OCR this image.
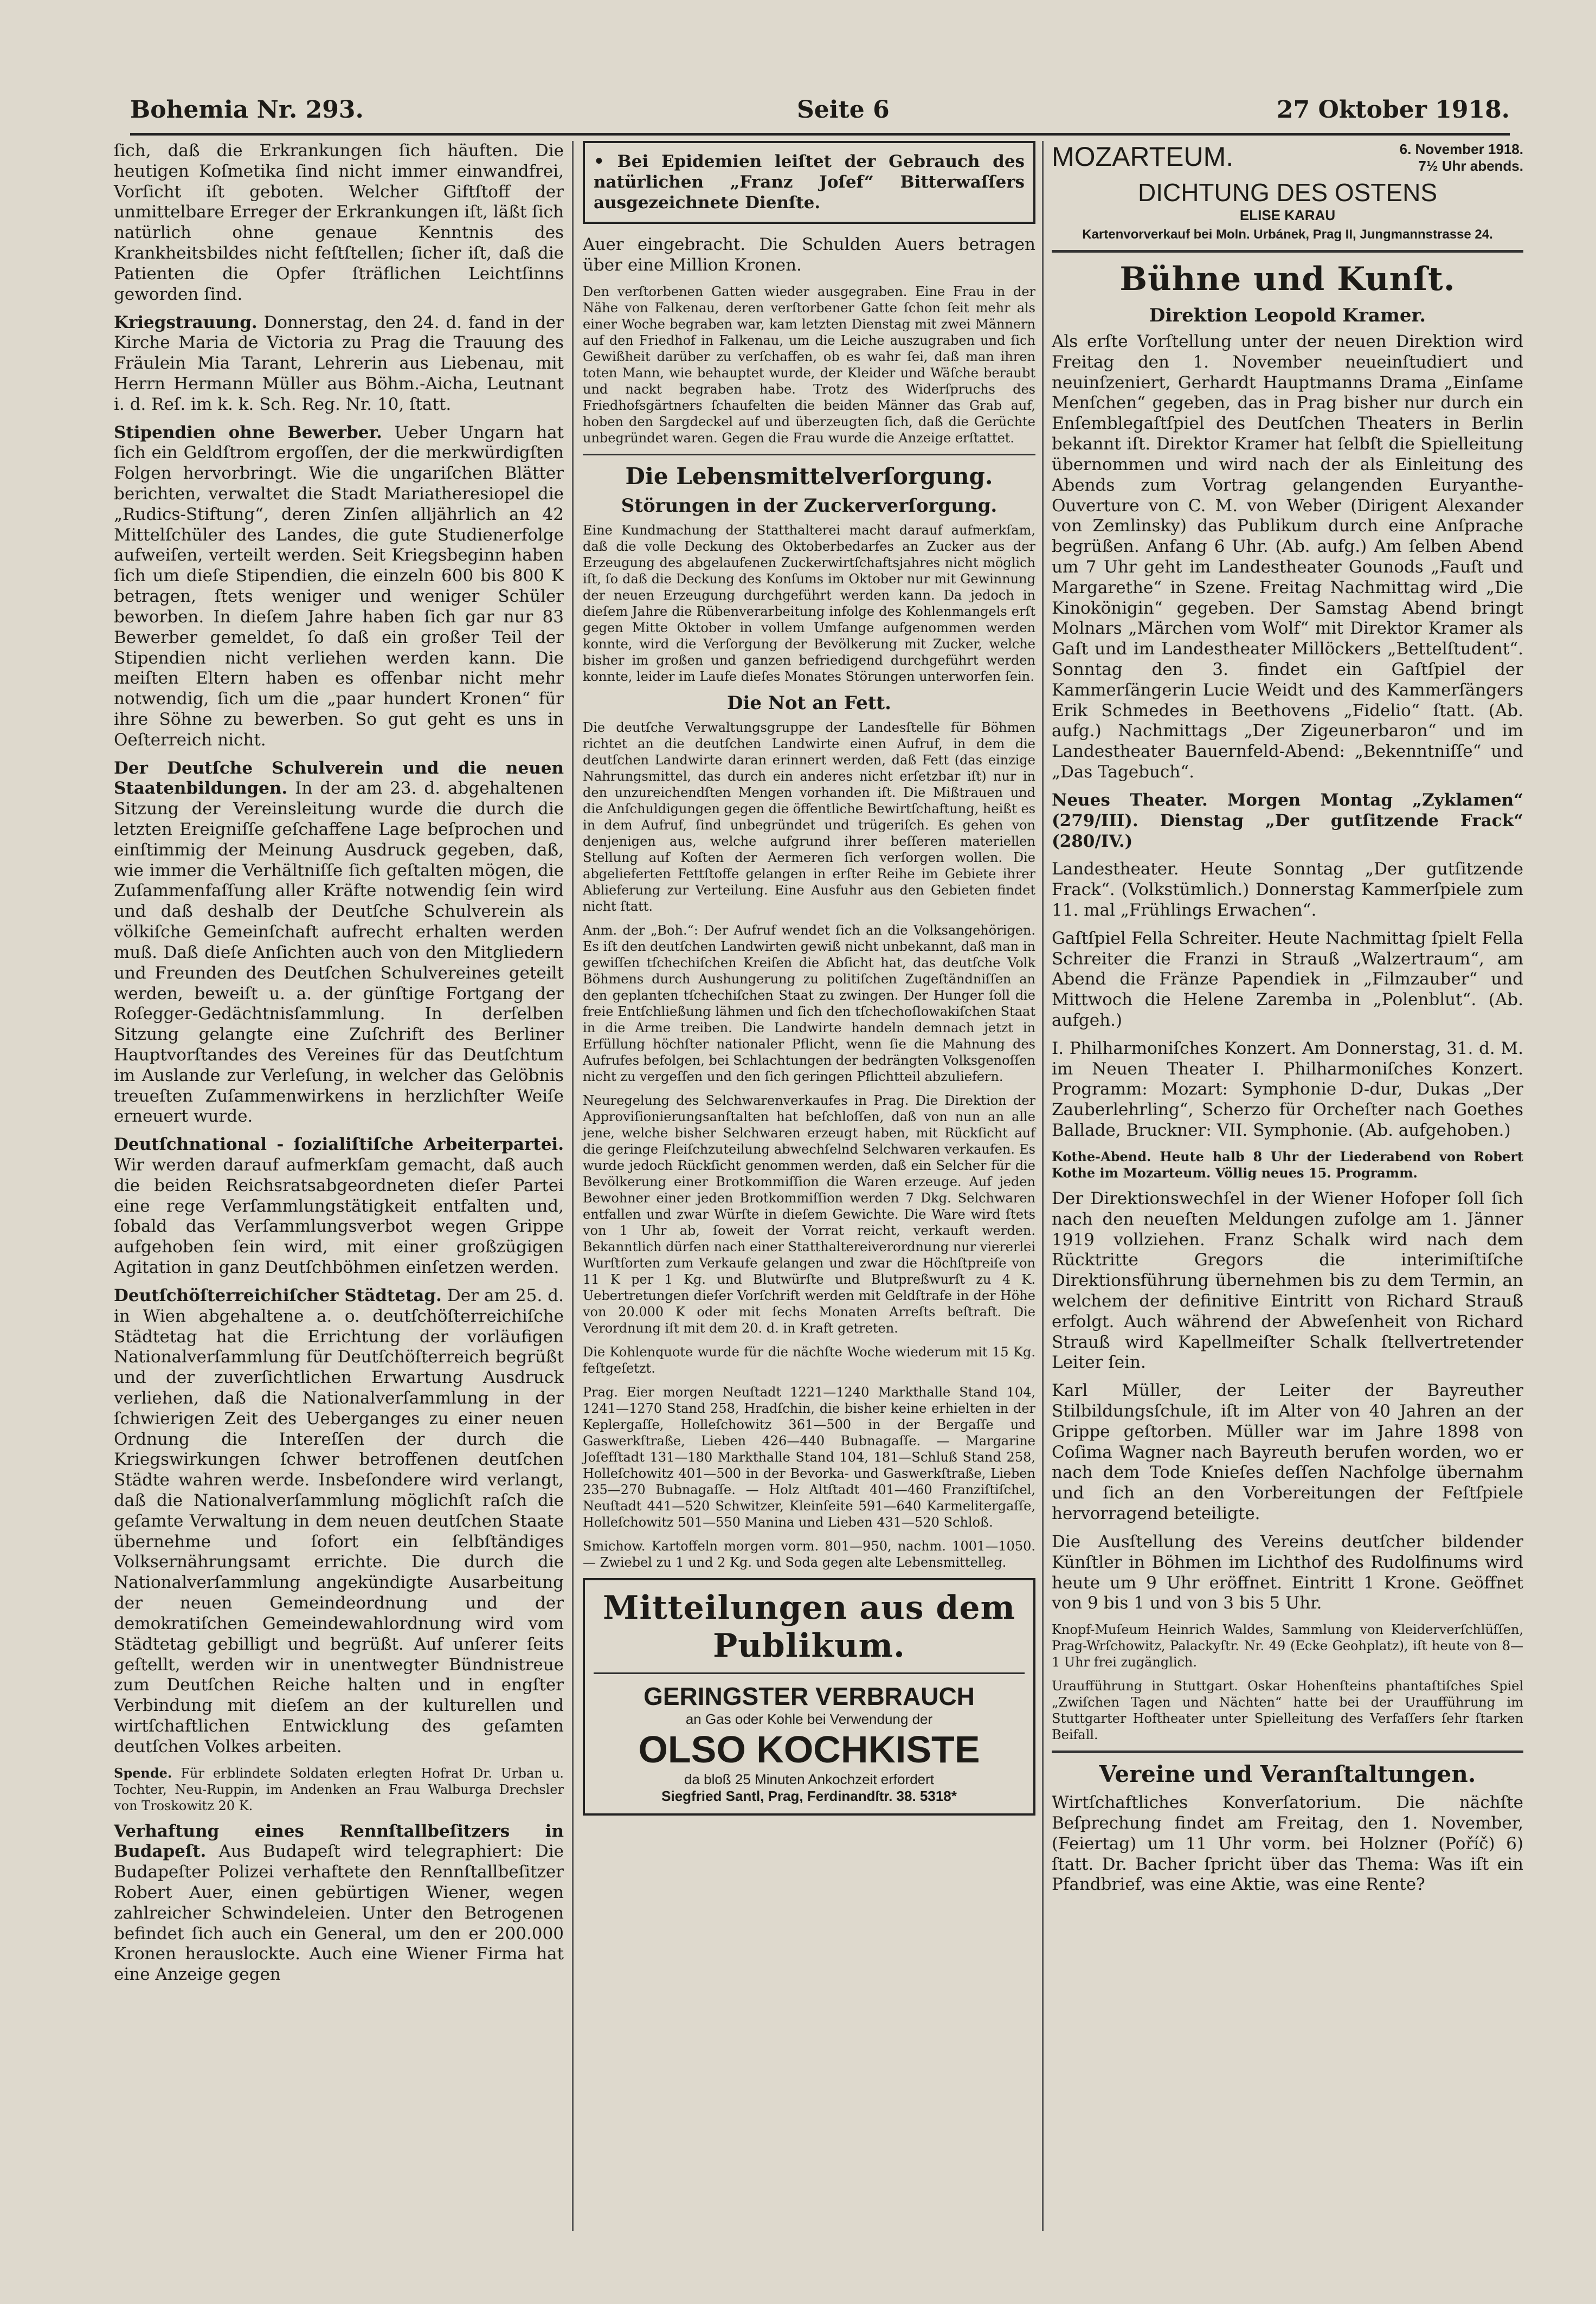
Bohemia Nr. 293.	Seite 6	27 Oktober 1918.

ſich, daß die Erkrankungen ſich häuften. Die heutigen Koſmetika ſind nicht immer einwandfrei, Vorſicht iſt geboten. Welcher Giftſtoff der unmittelbare Erreger der Erkrankungen iſt, läßt ſich natürlich ohne genaue Kenntnis des Krankheitsbildes nicht feſtſtellen; ſicher iſt, daß die Patienten die Opfer ſträflichen Leichtſinns geworden ſind.

Kriegstrauung. Donnerstag, den 24. d. fand in der Kirche Maria de Victoria zu Prag die Trauung des Fräulein Mia Tarant, Lehrerin aus Liebenau, mit Herrn Hermann Müller aus Böhm.-Aicha, Leutnant i. d. Reſ. im k. k. Sch. Reg. Nr. 10, ſtatt.

Stipendien ohne Bewerber. Ueber Ungarn hat ſich ein Geldſtrom ergoſſen, der die merkwürdigſten Folgen hervorbringt. Wie die ungariſchen Blätter berichten, verwaltet die Stadt Mariatheresiopel die „Rudics-Stiftung“, deren Zinſen alljährlich an 42 Mittelſchüler des Landes, die gute Studienerfolge aufweiſen, verteilt werden. Seit Kriegsbeginn haben ſich um dieſe Stipendien, die einzeln 600 bis 800 K betragen, ſtets weniger und weniger Schüler beworben. In dieſem Jahre haben ſich gar nur 83 Bewerber gemeldet, ſo daß ein großer Teil der Stipendien nicht verliehen werden kann. Die meiſten Eltern haben es offenbar nicht mehr notwendig, ſich um die „paar hundert Kronen“ für ihre Söhne zu bewerben. So gut geht es uns in Oeſterreich nicht.

Der Deutſche Schulverein und die neuen Staatenbildungen. In der am 23. d. abgehaltenen Sitzung der Vereinsleitung wurde die durch die letzten Ereigniſſe geſchaffene Lage beſprochen und einſtimmig der Meinung Ausdruck gegeben, daß, wie immer die Verhältniſſe ſich geſtalten mögen, die Zuſammenfaſſung aller Kräfte notwendig ſein wird und daß deshalb der Deutſche Schulverein als völkiſche Gemeinſchaft aufrecht erhalten werden muß. Daß dieſe Anſichten auch von den Mitgliedern und Freunden des Deutſchen Schulvereines geteilt werden, beweiſt u. a. der günſtige Fortgang der Roſegger-Gedächtnisſammlung. In derſelben Sitzung gelangte eine Zuſchrift des Berliner Hauptvorſtandes des Vereines für das Deutſchtum im Auslande zur Verleſung, in welcher das Gelöbnis treueſten Zuſammenwirkens in herzlichſter Weiſe erneuert wurde.

Deutſchnational - ſozialiſtiſche Arbeiterpartei. Wir werden darauf aufmerkſam gemacht, daß auch die beiden Reichsratsabgeordneten dieſer Partei eine rege Verſammlungstätigkeit entfalten und, ſobald das Verſammlungsverbot wegen Grippe aufgehoben ſein wird, mit einer großzügigen Agitation in ganz Deutſchböhmen einſetzen werden.

Deutſchöſterreichiſcher Städtetag. Der am 25. d. in Wien abgehaltene a. o. deutſchöſterreichiſche Städtetag hat die Errichtung der vorläufigen Nationalverſammlung für Deutſchöſterreich begrüßt und der zuverſichtlichen Erwartung Ausdruck verliehen, daß die Nationalverſammlung in der ſchwierigen Zeit des Ueberganges zu einer neuen Ordnung die Intereſſen der durch die Kriegswirkungen ſchwer betroffenen deutſchen Städte wahren werde. Insbeſondere wird verlangt, daß die Nationalverſammlung möglichſt raſch die geſamte Verwaltung in dem neuen deutſchen Staate übernehme und ſofort ein ſelbſtändiges Volksernährungsamt errichte. Die durch die Nationalverſammlung angekündigte Ausarbeitung der neuen Gemeindeordnung und der demokratiſchen Gemeindewahlordnung wird vom Städtetag gebilligt und begrüßt. Auf unſerer ſeits geſtellt, werden wir in unentwegter Bündnistreue zum Deutſchen Reiche halten und in engſter Verbindung mit dieſem an der kulturellen und wirtſchaftlichen Entwicklung des geſamten deutſchen Volkes arbeiten.

Spende. Für erblindete Soldaten erlegten Hofrat Dr. Urban u. Tochter, Neu-Ruppin, im Andenken an Frau Walburga Drechsler von Troskowitz 20 K.

Verhaftung eines Rennſtallbeſitzers in Budapeſt. Aus Budapeſt wird telegraphiert: Die Budapeſter Polizei verhaftete den Rennſtallbeſitzer Robert Auer, einen gebürtigen Wiener, wegen zahlreicher Schwindeleien. Unter den Betrogenen befindet ſich auch ein General, um den er 200.000 Kronen herauslockte. Auch eine Wiener Firma hat eine Anzeige gegen

• Bei Epidemien leiſtet der Gebrauch des natürlichen „Franz Joſef“ Bitterwaſſers ausgezeichnete Dienſte.

Auer eingebracht. Die Schulden Auers betragen über eine Million Kronen.

Den verſtorbenen Gatten wieder ausgegraben. Eine Frau in der Nähe von Falkenau, deren verſtorbener Gatte ſchon ſeit mehr als einer Woche begraben war, kam letzten Dienstag mit zwei Männern auf den Friedhof in Falkenau, um die Leiche auszugraben und ſich Gewißheit darüber zu verſchaffen, ob es wahr ſei, daß man ihren toten Mann, wie behauptet wurde, der Kleider und Wäſche beraubt und nackt begraben habe. Trotz des Widerſpruchs des Friedhofsgärtners ſchaufelten die beiden Männer das Grab auf, hoben den Sargdeckel auf und überzeugten ſich, daß die Gerüchte unbegründet waren. Gegen die Frau wurde die Anzeige erſtattet.

Die Lebensmittelverſorgung.
Störungen in der Zuckerverſorgung.

Eine Kundmachung der Statthalterei macht darauf aufmerkſam, daß die volle Deckung des Oktoberbedarfes an Zucker aus der Erzeugung des abgelaufenen Zuckerwirtſchaftsjahres nicht möglich iſt, ſo daß die Deckung des Konſums im Oktober nur mit Gewinnung der neuen Erzeugung durchgeführt werden kann. Da jedoch in dieſem Jahre die Rübenverarbeitung infolge des Kohlenmangels erſt gegen Mitte Oktober in vollem Umfange aufgenommen werden konnte, wird die Verſorgung der Bevölkerung mit Zucker, welche bisher im großen und ganzen befriedigend durchgeführt werden konnte, leider im Laufe dieſes Monates Störungen unterworfen ſein.

Die Not an Fett.

Die deutſche Verwaltungsgruppe der Landesſtelle für Böhmen richtet an die deutſchen Landwirte einen Aufruf, in dem die deutſchen Landwirte daran erinnert werden, daß Fett (das einzige Nahrungsmittel, das durch ein anderes nicht erſetzbar iſt) nur in den unzureichendſten Mengen vorhanden iſt. Die Mißtrauen und die Anſchuldigungen gegen die öffentliche Bewirtſchaftung, heißt es in dem Aufruf, ſind unbegründet und trügeriſch. Es gehen von denjenigen aus, welche aufgrund ihrer beſſeren materiellen Stellung auf Koſten der Aermeren ſich verſorgen wollen. Die abgelieferten Fettſtoffe gelangen in erſter Reihe im Gebiete ihrer Ablieferung zur Verteilung. Eine Ausfuhr aus den Gebieten findet nicht ſtatt.

Anm. der „Boh.“: Der Aufruf wendet ſich an die Volksangehörigen. Es iſt den deutſchen Landwirten gewiß nicht unbekannt, daß man in gewiſſen tſchechiſchen Kreiſen die Abſicht hat, das deutſche Volk Böhmens durch Aushungerung zu politiſchen Zugeſtändniſſen an den geplanten tſchechiſchen Staat zu zwingen. Der Hunger ſoll die freie Entſchließung lähmen und ſich den tſchechoſlowakiſchen Staat in die Arme treiben. Die Landwirte handeln demnach jetzt in Erfüllung höchſter nationaler Pflicht, wenn ſie die Mahnung des Aufrufes befolgen, bei Schlachtungen der bedrängten Volksgenoſſen nicht zu vergeſſen und den ſich geringen Pflichtteil abzuliefern.

Neuregelung des Selchwarenverkaufes in Prag. Die Direktion der Approviſionierungsanſtalten hat beſchloſſen, daß von nun an alle jene, welche bisher Selchwaren erzeugt haben, mit Rückſicht auf die geringe Fleiſchzuteilung abwechſelnd Selchwaren verkaufen. Es wurde jedoch Rückſicht genommen werden, daß ein Selcher für die Bevölkerung einer Brotkommiſſion die Waren erzeuge. Auf jeden Bewohner einer jeden Brotkommiſſion werden 7 Dkg. Selchwaren entfallen und zwar Würſte in dieſem Gewichte. Die Ware wird ſtets von 1 Uhr ab, ſoweit der Vorrat reicht, verkauft werden. Bekanntlich dürfen nach einer Statthaltereiverordnung nur viererlei Wurſtſorten zum Verkaufe gelangen und zwar die Höchſtpreiſe von 11 K per 1 Kg. und Blutwürſte und Blutpreßwurſt zu 4 K. Uebertretungen dieſer Vorſchrift werden mit Geldſtrafe in der Höhe von 20.000 K oder mit ſechs Monaten Arreſts beſtraft. Die Verordnung iſt mit dem 20. d. in Kraft getreten.

Die Kohlenquote wurde für die nächſte Woche wiederum mit 15 Kg. feſtgeſetzt.

Prag. Eier morgen Neuſtadt 1221—1240 Markthalle Stand 104, 1241—1270 Stand 258, Hradſchin, die bisher keine erhielten in der Keplergaſſe, Holleſchowitz 361—500 in der Bergaſſe und Gaswerkſtraße, Lieben 426—440 Bubnagaſſe. — Margarine Joſefſtadt 131—180 Markthalle Stand 104, 181—Schluß Stand 258, Holleſchowitz 401—500 in der Bevorka- und Gaswerkſtraße, Lieben 235—270 Bubnagaſſe. — Holz Altſtadt 401—460 Franziſtiſchel, Neuſtadt 441—520 Schwitzer, Kleinſeite 591—640 Karmelitergaſſe, Holleſchowitz 501—550 Manina und Lieben 431—520 Schloß.

Smichow. Kartoffeln morgen vorm. 801—950, nachm. 1001—1050. — Zwiebel zu 1 und 2 Kg. und Soda gegen alte Lebensmittelleg.

Mitteilungen aus dem Publikum.
GERINGSTER VERBRAUCH
an Gas oder Kohle bei Verwendung der
OLSO KOCHKISTE
da bloß 25 Minuten Ankochzeit erfordert
Siegfried Santl, Prag, Ferdinandſtr. 38. 5318*
6. November 1918.
7½ Uhr abends.
MOZARTEUM.
DICHTUNG DES OSTENS
ELISE KARAU
Kartenvorverkauf bei Moln. Urbánek, Prag II, Jungmannstrasse 24.
Bühne und Kunſt.
Direktion Leopold Kramer.

Als erſte Vorſtellung unter der neuen Direktion wird Freitag den 1. November neueinſtudiert und neuinſzeniert, Gerhardt Hauptmanns Drama „Einſame Menſchen“ gegeben, das in Prag bisher nur durch ein Enſemblegaſtſpiel des Deutſchen Theaters in Berlin bekannt iſt. Direktor Kramer hat ſelbſt die Spielleitung übernommen und wird nach der als Einleitung des Abends zum Vortrag gelangenden Euryanthe-Ouverture von C. M. von Weber (Dirigent Alexander von Zemlinsky) das Publikum durch eine Anſprache begrüßen. Anfang 6 Uhr. (Ab. aufg.) Am ſelben Abend um 7 Uhr geht im Landestheater Gounods „Fauſt und Margarethe“ in Szene. Freitag Nachmittag wird „Die Kinokönigin“ gegeben. Der Samstag Abend bringt Molnars „Märchen vom Wolf“ mit Direktor Kramer als Gaſt und im Landestheater Millöckers „Bettelſtudent“. Sonntag den 3. findet ein Gaſtſpiel der Kammerſängerin Lucie Weidt und des Kammerſängers Erik Schmedes in Beethovens „Fidelio“ ſtatt. (Ab. aufg.) Nachmittags „Der Zigeunerbaron“ und im Landestheater Bauernfeld-Abend: „Bekenntniſſe“ und „Das Tagebuch“.

Neues Theater. Morgen Montag „Zyklamen“ (279/III). Dienstag „Der gutſitzende Frack“ (280/IV.)

Landestheater. Heute Sonntag „Der gutſitzende Frack“. (Volkstümlich.) Donnerstag Kammerſpiele zum 11. mal „Frühlings Erwachen“.

Gaſtſpiel Fella Schreiter. Heute Nachmittag ſpielt Fella Schreiter die Franzi in Strauß „Walzertraum“, am Abend die Fränze Papendiek in „Filmzauber“ und Mittwoch die Helene Zaremba in „Polenblut“. (Ab. aufgeh.)

I. Philharmoniſches Konzert. Am Donnerstag, 31. d. M. im Neuen Theater I. Philharmoniſches Konzert. Programm: Mozart: Symphonie D-dur, Dukas „Der Zauberlehrling“, Scherzo für Orcheſter nach Goethes Ballade, Bruckner: VII. Symphonie. (Ab. aufgehoben.)

Kothe-Abend. Heute halb 8 Uhr der Liederabend von Robert Kothe im Mozarteum. Völlig neues 15. Programm.

Der Direktionswechſel in der Wiener Hofoper ſoll ſich nach den neueſten Meldungen zufolge am 1. Jänner 1919 vollziehen. Franz Schalk wird nach dem Rücktritte Gregors die interimiſtiſche Direktionsführung übernehmen bis zu dem Termin, an welchem der definitive Eintritt von Richard Strauß erfolgt. Auch während der Abweſenheit von Richard Strauß wird Kapellmeiſter Schalk ſtellvertretender Leiter ſein.

Karl Müller, der Leiter der Bayreuther Stilbildungsſchule, iſt im Alter von 40 Jahren an der Grippe geſtorben. Müller war im Jahre 1898 von Coſima Wagner nach Bayreuth berufen worden, wo er nach dem Tode Knieſes deſſen Nachfolge übernahm und ſich an den Vorbereitungen der Feſtſpiele hervorragend beteiligte.

Die Ausſtellung des Vereins deutſcher bildender Künſtler in Böhmen im Lichthof des Rudolfinums wird heute um 9 Uhr eröffnet. Eintritt 1 Krone. Geöffnet von 9 bis 1 und von 3 bis 5 Uhr.

Knopf-Muſeum Heinrich Waldes, Sammlung von Kleiderverſchlüſſen, Prag-Wrſchowitz, Palackyſtr. Nr. 49 (Ecke Geohplatz), iſt heute von 8—1 Uhr frei zugänglich.

Uraufführung in Stuttgart. Oskar Hohenſteins phantaſtiſches Spiel „Zwiſchen Tagen und Nächten“ hatte bei der Uraufführung im Stuttgarter Hoftheater unter Spielleitung des Verfaſſers ſehr ſtarken Beifall.

Vereine und Veranſtaltungen.

Wirtſchaftliches Konverſatorium. Die nächſte Beſprechung findet am Freitag, den 1. November, (Feiertag) um 11 Uhr vorm. bei Holzner (Poříč) 6) ſtatt. Dr. Bacher ſpricht über das Thema: Was iſt ein Pfandbrief, was eine Aktie, was eine Rente?
